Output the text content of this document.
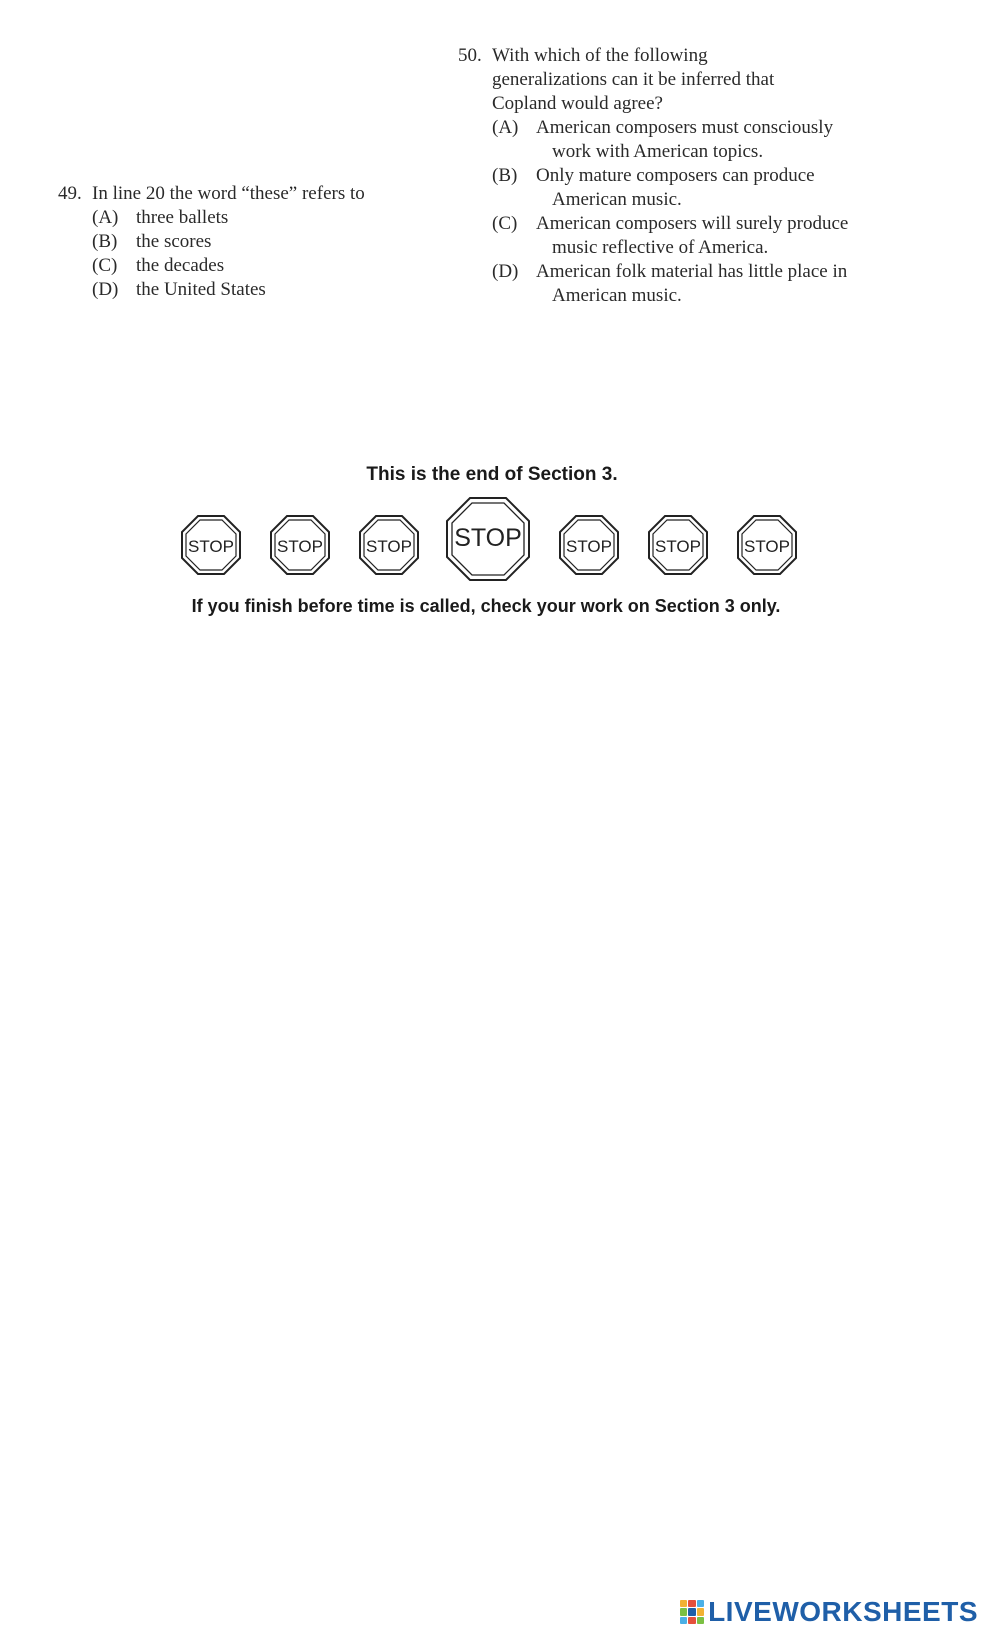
49. In line 20 the word “these” refers to
(A) three ballets
(B) the scores
(C) the decades
(D) the United States
50. With which of the following generalizations can it be inferred that Copland would agree?
(A) American composers must consciously work with American topics.
(B) Only mature composers can produce American music.
(C) American composers will surely produce music reflective of America.
(D) American folk material has little place in American music.
This is the end of Section 3.
STOP	STOP	STOP STOP	STOP	STOP	STOP
If you finish before time is called, check your work on Section 3 only.
LIVEWORKSHEETS
